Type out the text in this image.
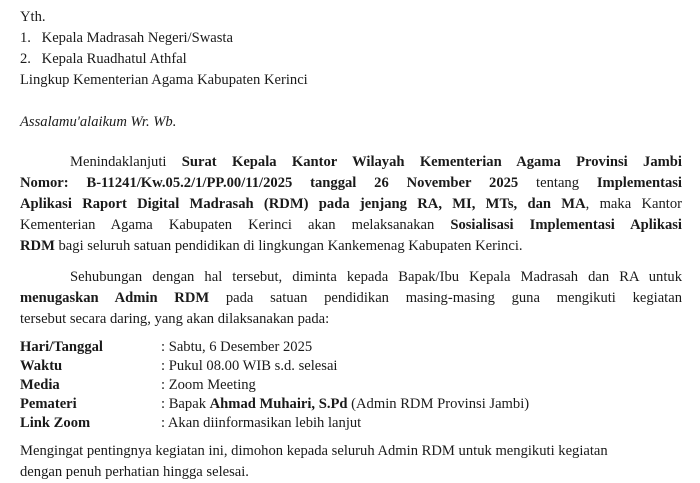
Yth.
1. Kepala Madrasah Negeri/Swasta
2. Kepala Ruadhatul Athfal
Lingkup Kementerian Agama Kabupaten Kerinci
Assalamu'alaikum Wr. Wb.
Menindaklanjuti Surat Kepala Kantor Wilayah Kementerian Agama Provinsi Jambi
Nomor: B-11241/Kw.05.2/1/PP.00/11/2025 tanggal 26 November 2025 tentang Implementasi
Aplikasi Raport Digital Madrasah (RDM) pada jenjang RA, MI, MTs, dan MA, maka Kantor
Kementerian Agama Kabupaten Kerinci akan melaksanakan Sosialisasi Implementasi Aplikasi
RDM bagi seluruh satuan pendidikan di lingkungan Kankemenag Kabupaten Kerinci.
Sehubungan dengan hal tersebut, diminta kepada Bapak/Ibu Kepala Madrasah dan RA untuk
menugaskan Admin RDM pada satuan pendidikan masing-masing guna mengikuti kegiatan
tersebut secara daring, yang akan dilaksanakan pada:
Hari/Tanggal	: Sabtu, 6 Desember 2025
Waktu	: Pukul 08.00 WIB s.d. selesai
Media	: Zoom Meeting
Pemateri	: Bapak Ahmad Muhairi, S.Pd (Admin RDM Provinsi Jambi)
Link Zoom	: Akan diinformasikan lebih lanjut
Mengingat pentingnya kegiatan ini, dimohon kepada seluruh Admin RDM untuk mengikuti kegiatan
dengan penuh perhatian hingga selesai.
